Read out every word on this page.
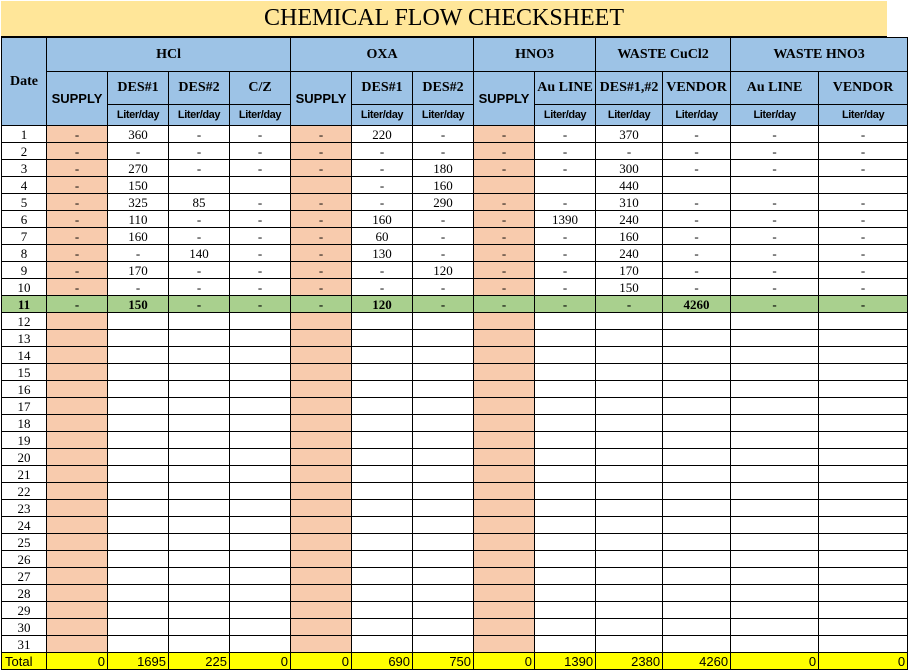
CHEMICAL FLOW CHECKSHEET
Date	HCl				OXA			HNO3		WASTE CuCl2		WASTE HNO3	
	SUPPLY	DES#1	DES#2	C/Z	SUPPLY	DES#1	DES#2	SUPPLY	Au LINE	DES#1,#2	VENDOR	Au LINE	VENDOR
		Liter/day	Liter/day	Liter/day		Liter/day	Liter/day		Liter/day	Liter/day	Liter/day	Liter/day	Liter/day
1	-	360	-	-	-	220	-	-	-	370	-	-	-
2	-	-	-	-	-	-	-	-	-	-	-	-	-
3	-	270	-	-	-	-	180	-	-	300	-	-	-
4	-	150				-	160			440			
5	-	325	85	-	-	-	290	-	-	310	-	-	-
6	-	110	-	-	-	160	-	-	1390	240	-	-	-
7	-	160	-	-	-	60	-	-	-	160	-	-	-
8	-	-	140	-	-	130	-	-	-	240	-	-	-
9	-	170	-	-	-	-	120	-	-	170	-	-	-
10	-	-	-	-	-	-	-	-	-	150	-	-	-
11	-	150	-	-	-	120	-	-	-	-	4260	-	-
12													
13													
14													
15													
16													
17													
18													
19													
20													
21													
22													
23													
24													
25													
26													
27													
28													
29													
30													
31													
Total	0	1695	225	0	0	690	750	0	1390	2380	4260	0	0
